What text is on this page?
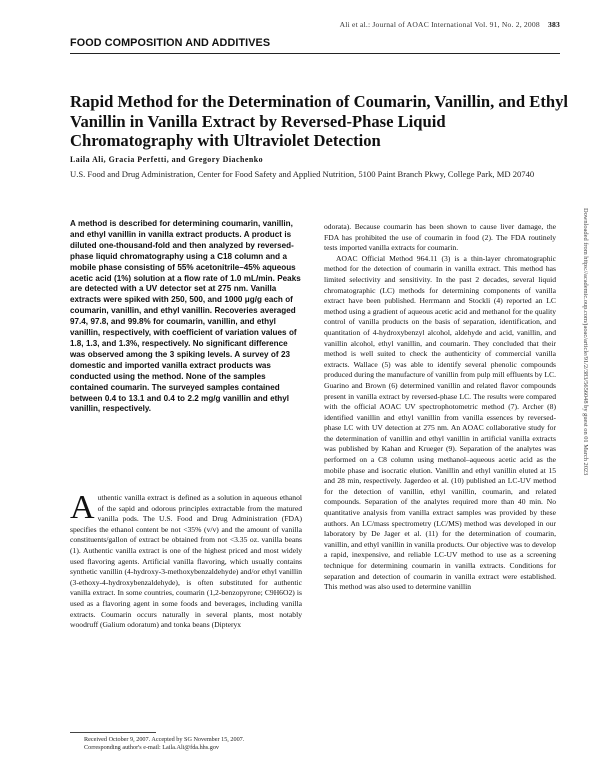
Ali et al.: Journal of AOAC International Vol. 91, No. 2, 2008 383
FOOD COMPOSITION AND ADDITIVES
Rapid Method for the Determination of Coumarin, Vanillin, and Ethyl Vanillin in Vanilla Extract by Reversed-Phase Liquid Chromatography with Ultraviolet Detection
Laila Ali, Gracia Perfetti, and Gregory Diachenko
U.S. Food and Drug Administration, Center for Food Safety and Applied Nutrition, 5100 Paint Branch Pkwy, College Park, MD 20740
A method is described for determining coumarin, vanillin, and ethyl vanillin in vanilla extract products. A product is diluted one-thousand-fold and then analyzed by reversed-phase liquid chromatography using a C18 column and a mobile phase consisting of 55% acetonitrile–45% aqueous acetic acid (1%) solution at a flow rate of 1.0 mL/min. Peaks are detected with a UV detector set at 275 nm. Vanilla extracts were spiked with 250, 500, and 1000 μg/g each of coumarin, vanillin, and ethyl vanillin. Recoveries averaged 97.4, 97.8, and 99.8% for coumarin, vanillin, and ethyl vanillin, respectively, with coefficient of variation values of 1.8, 1.3, and 1.3%, respectively. No significant difference was observed among the 3 spiking levels. A survey of 23 domestic and imported vanilla extract products was conducted using the method. None of the samples contained coumarin. The surveyed samples contained between 0.4 to 13.1 and 0.4 to 2.2 mg/g vanillin and ethyl vanillin, respectively.
A uthentic vanilla extract is defined as a solution in aqueous ethanol of the sapid and odorous principles extractable from the matured vanilla pods. The U.S. Food and Drug Administration (FDA) specifies the ethanol content be not <35% (v/v) and the amount of vanilla constituents/gallon of extract be obtained from not <3.35 oz. vanilla beans (1). Authentic vanilla extract is one of the highest priced and most widely used flavoring agents. Artificial vanilla flavoring, which usually contains synthetic vanillin (4-hydroxy-3-methoxybenzaldehyde) and/or ethyl vanillin (3-ethoxy-4-hydroxybenzaldehyde), is often substituted for authentic vanilla extract. In some countries, coumarin (1,2-benzopyrone; C9H6O2) is used as a flavoring agent in some foods and beverages, including vanilla extracts. Coumarin occurs naturally in several plants, most notably woodruff (Galium odoratum) and tonka beans (Dipteryx
Received October 9, 2007. Accepted by SG November 15, 2007.
Corresponding author's e-mail: Laila.Ali@fda.hhs.gov

odorata). Because coumarin has been shown to cause liver damage, the FDA has prohibited the use of coumarin in food (2). The FDA routinely tests imported vanilla extracts for coumarin.

AOAC Official Method 964.11 (3) is a thin-layer chromatographic method for the detection of coumarin in vanilla extract. This method has limited selectivity and sensitivity. In the past 2 decades, several liquid chromatographic (LC) methods for determining components of vanilla extract have been published. Herrmann and Stockli (4) reported an LC method using a gradient of aqueous acetic acid and methanol for the quality control of vanilla products on the basis of separation, identification, and quantitation of 4-hydroxybenzyl alcohol, aldehyde and acid, vanillin, and vanillin alcohol, ethyl vanillin, and coumarin. They concluded that their method is well suited to check the authenticity of commercial vanilla extracts. Wallace (5) was able to identify several phenolic compounds produced during the manufacture of vanillin from pulp mill effluents by LC. Guarino and Brown (6) determined vanillin and related flavor compounds present in vanilla extract by reversed-phase LC. The results were compared with the official AOAC UV spectrophotometric method (7). Archer (8) identified vanillin and ethyl vanillin from vanilla essences by reversed-phase LC with UV detection at 275 nm. An AOAC collaborative study for the determination of vanillin and ethyl vanillin in artificial vanilla extracts was published by Kahan and Krueger (9). Separation of the analytes was performed on a C8 column using methanol–aqueous acetic acid as the mobile phase and isocratic elution. Vanillin and ethyl vanillin eluted at 15 and 28 min, respectively. Jagerdeo et al. (10) published an LC-UV method for the detection of vanillin, ethyl vanillin, coumarin, and related compounds. Separation of the analytes required more than 40 min. No quantitative analysis from vanilla extract samples was provided by these authors. An LC/mass spectrometry (LC/MS) method was developed in our laboratory by De Jager et al. (11) for the determination of coumarin, vanillin, and ethyl vanillin in vanilla products. Our objective was to develop a rapid, inexpensive, and reliable LC-UV method to use as a screening technique for determining coumarin in vanilla extracts. Conditions for separation and detection of coumarin in vanilla extract were established. This method was also used to determine vanillin

Downloaded from https://academic.oup.com/jaoac/article/91/2/383/5656048 by guest on 01 March 2023
